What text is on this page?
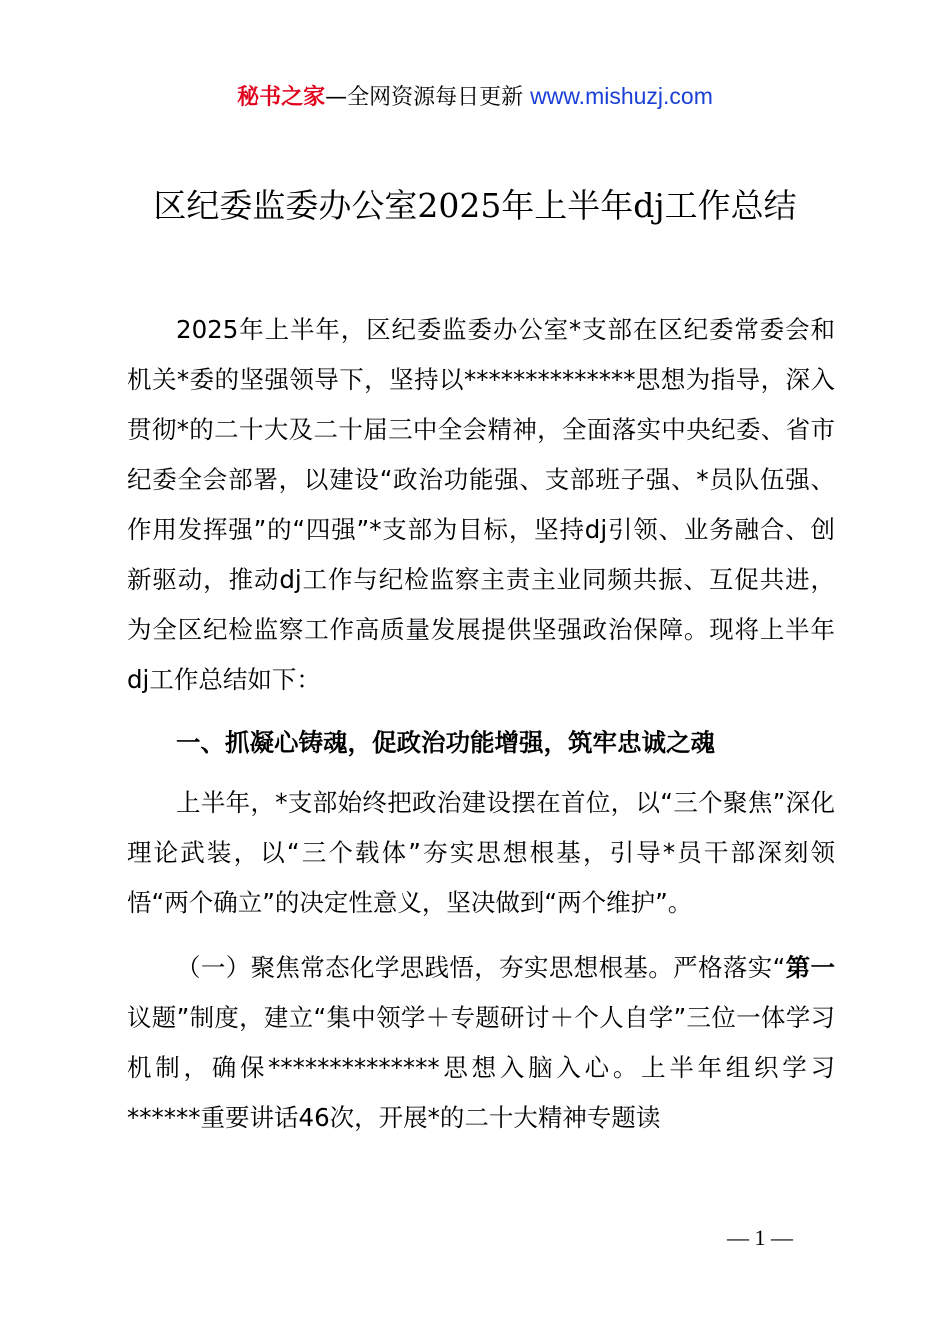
秘书之家—全网资源每日更新 www.mishuzj.com
区纪委监委办公室2025年上半年dj工作总结

2025年上半年，区纪委监委办公室*支部在区纪委常委会和机关*委的坚强领导下，坚持以**************思想为指导，深入贯彻*的二十大及二十届三中全会精神，全面落实中央纪委、省市纪委全会部署，以建设“政治功能强、支部班子强、*员队伍强、作用发挥强”的“四强”*支部为目标，坚持dj引领、业务融合、创新驱动，推动dj工作与纪检监察主责主业同频共振、互促共进，为全区纪检监察工作高质量发展提供坚强政治保障。现将上半年dj工作总结如下：

一、抓凝心铸魂，促政治功能增强，筑牢忠诚之魂

上半年，*支部始终把政治建设摆在首位，以“三个聚焦”深化理论武装，以“三个载体”夯实思想根基，引导*员干部深刻领悟“两个确立”的决定性意义，坚决做到“两个维护”。

（一）聚焦常态化学思践悟，夯实思想根基。严格落实“第一议题”制度，建立“集中领学＋专题研讨＋个人自学”三位一体学习机制，确保**************思想入脑入心。上半年组织学习******重要讲话46次，开展*的二十大精神专题读

— 1 —
